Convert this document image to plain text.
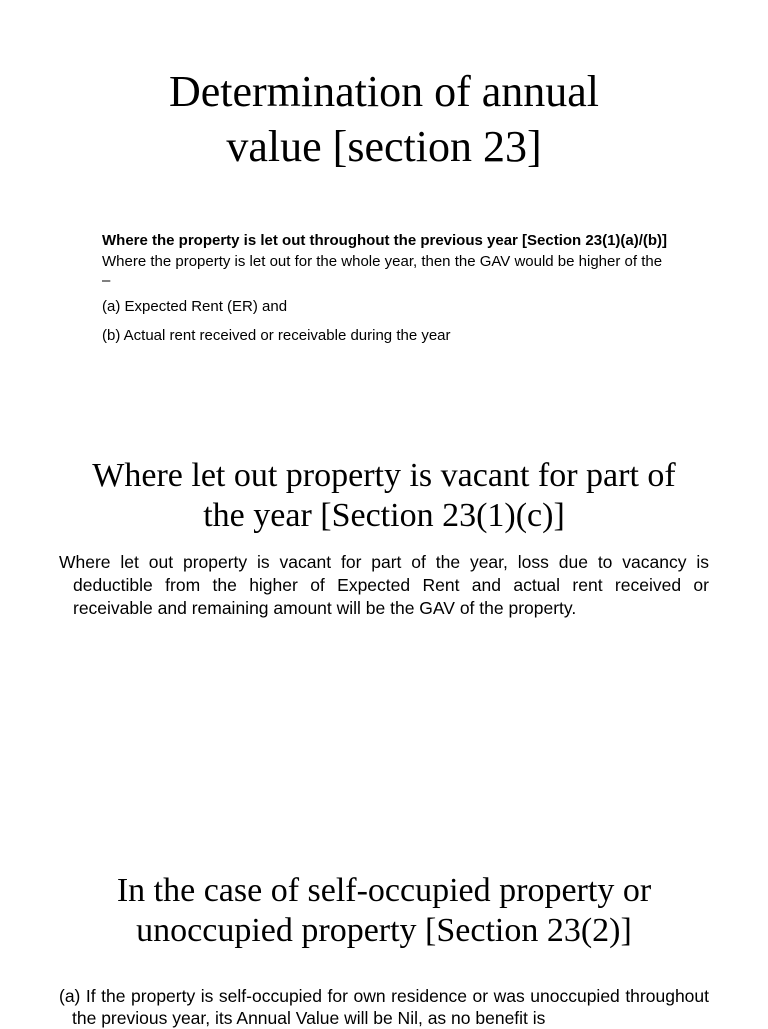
Determination of annual
value [section 23]

Where the property is let out throughout the previous year [Section 23(1)(a)/(b)]

Where the property is let out for the whole year, then the GAV would be higher of the –

(a) Expected Rent (ER) and

(b) Actual rent received or receivable during the year

Where let out property is vacant for part of
the year [Section 23(1)(c)]

Where let out property is vacant for part of the year, loss due to vacancy is deductible from the higher of Expected Rent and actual rent received or receivable and remaining amount will be the GAV of the property.

In the case of self-occupied property or
unoccupied property [Section 23(2)]

(a) If the property is self-occupied for own residence or was unoccupied throughout the previous year, its Annual Value will be Nil, as no benefit is
